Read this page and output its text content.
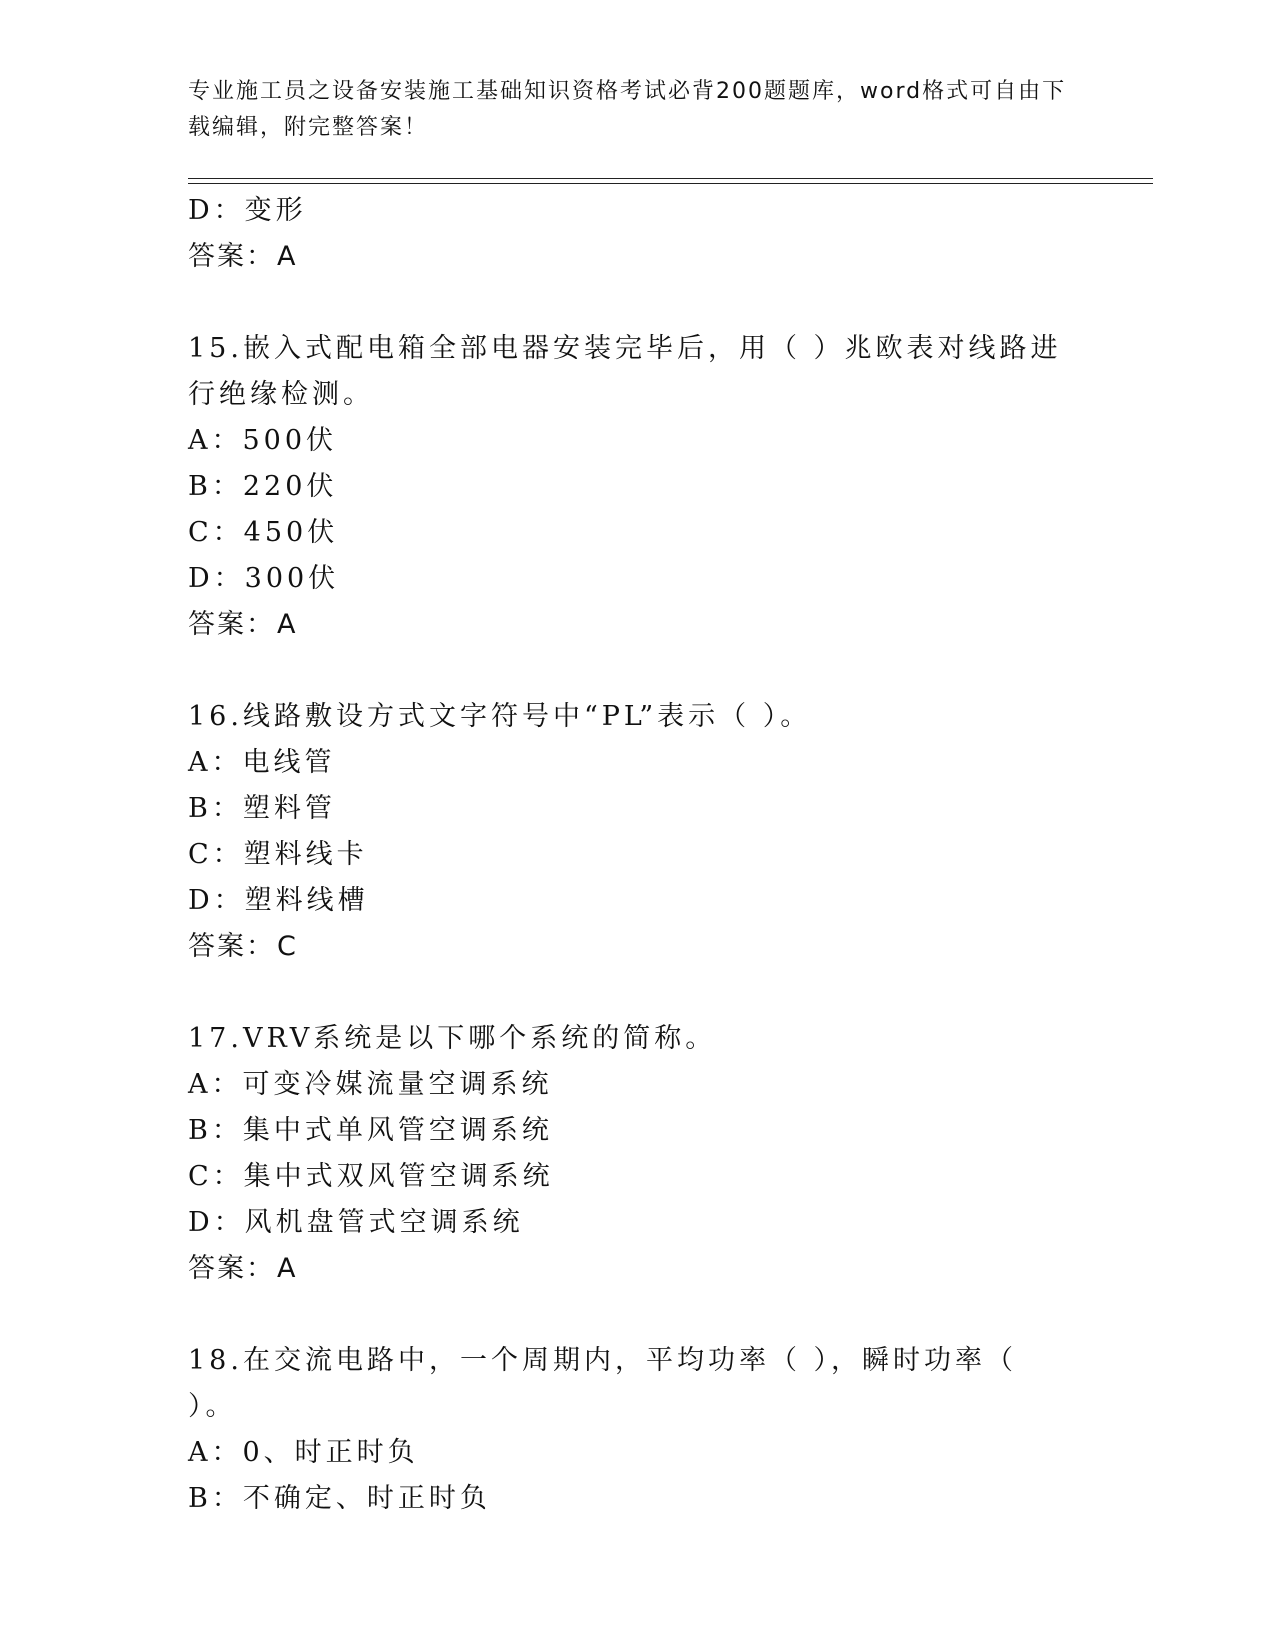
专业施工员之设备安装施工基础知识资格考试必背200题题库，word格式可自由下载编辑，附完整答案！
D：变形
答案：A
15.嵌入式配电箱全部电器安装完毕后，用（ ）兆欧表对线路进行绝缘检测。
A：500伏
B：220伏
C：450伏
D：300伏
答案：A
16.线路敷设方式文字符号中“PL”表示（ ）。
A：电线管
B：塑料管
C：塑料线卡
D：塑料线槽
答案：C
17.VRV系统是以下哪个系统的简称。
A：可变冷媒流量空调系统
B：集中式单风管空调系统
C：集中式双风管空调系统
D：风机盘管式空调系统
答案：A
18.在交流电路中，一个周期内，平均功率（ ），瞬时功率（ ）。
A：0、时正时负
B：不确定、时正时负
